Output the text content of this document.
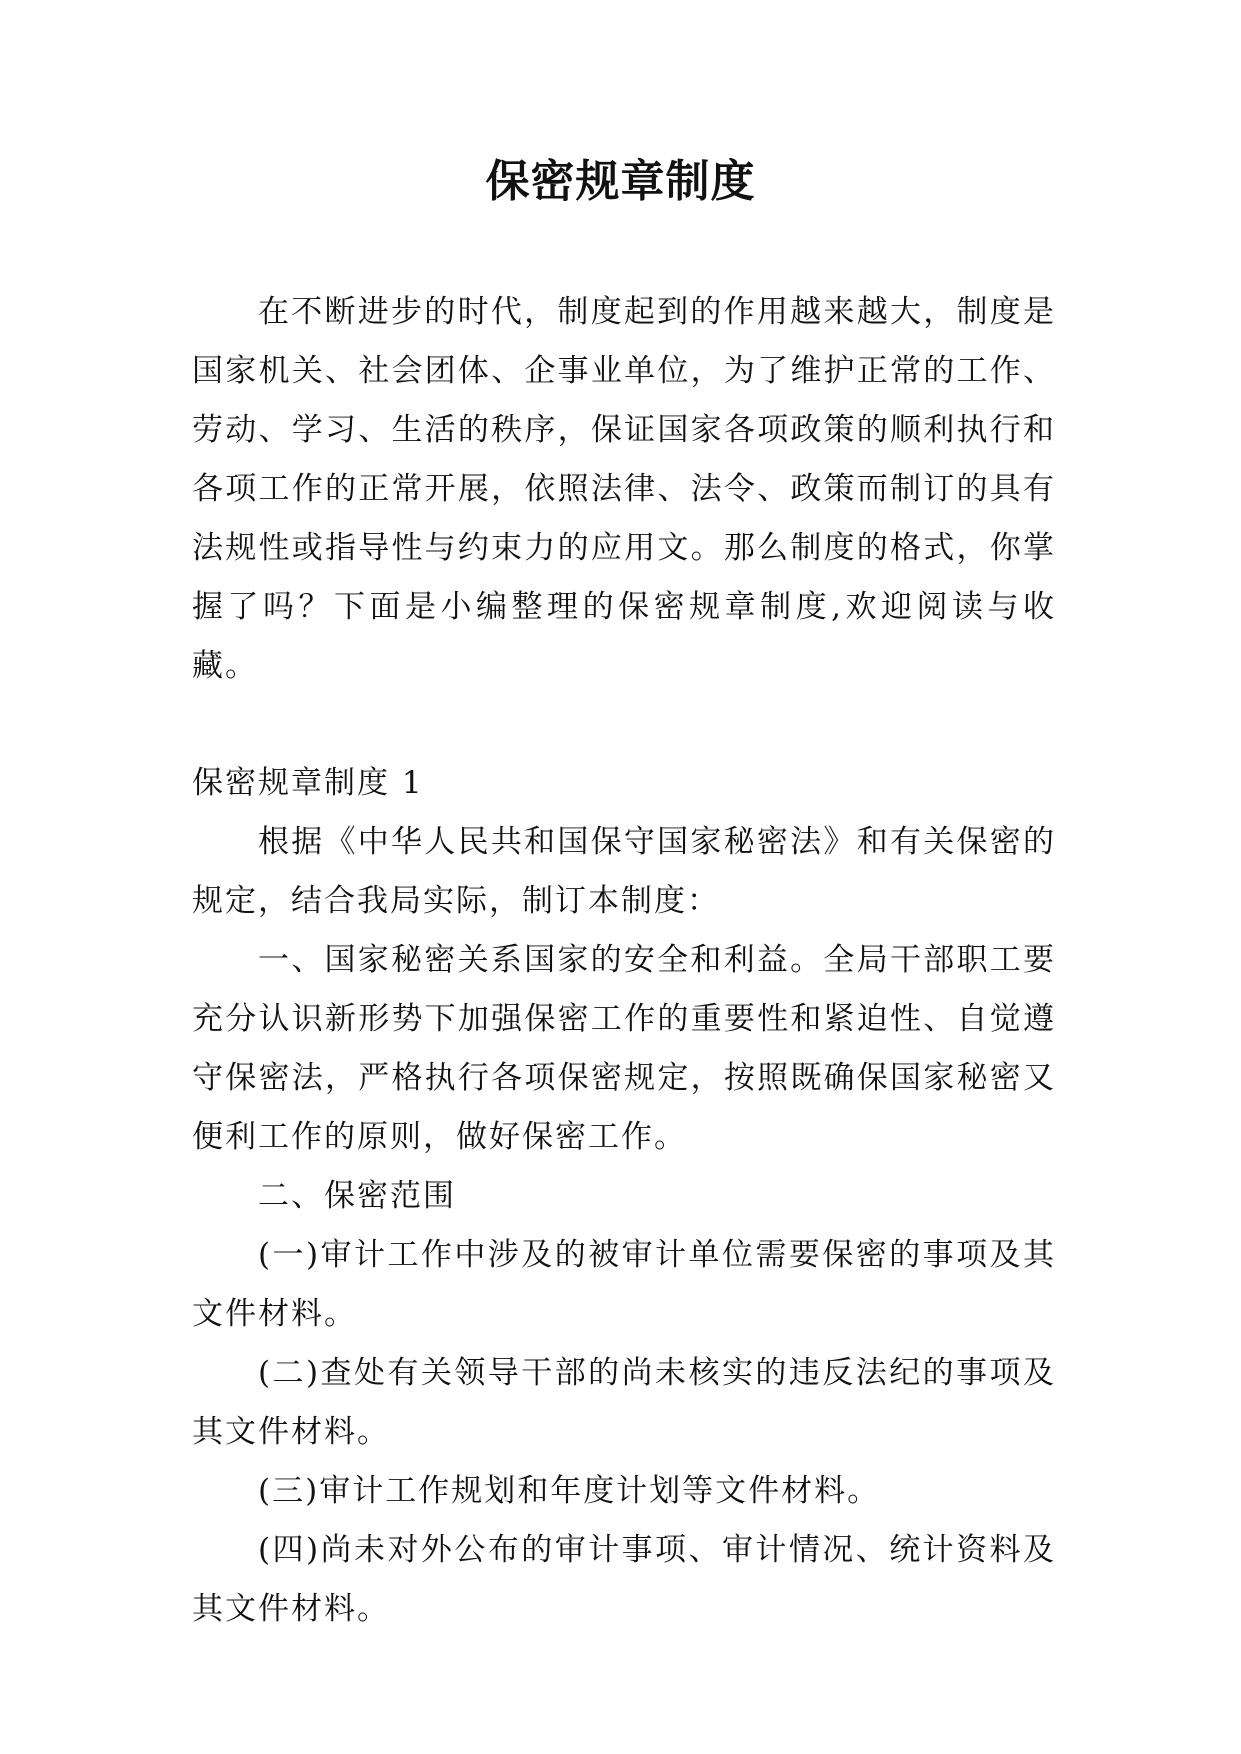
保密规章制度

在不断进步的时代，制度起到的作用越来越大，制度是国家机关、社会团体、企事业单位，为了维护正常的工作、劳动、学习、生活的秩序，保证国家各项政策的顺利执行和各项工作的正常开展，依照法律、法令、政策而制订的具有法规性或指导性与约束力的应用文。那么制度的格式，你掌握了吗？下面是小编整理的保密规章制度,欢迎阅读与收藏。

保密规章制度 1

根据《中华人民共和国保守国家秘密法》和有关保密的规定，结合我局实际，制订本制度：

一、国家秘密关系国家的安全和利益。全局干部职工要充分认识新形势下加强保密工作的重要性和紧迫性、自觉遵守保密法，严格执行各项保密规定，按照既确保国家秘密又便利工作的原则，做好保密工作。

二、保密范围

(一)审计工作中涉及的被审计单位需要保密的事项及其文件材料。

(二)查处有关领导干部的尚未核实的违反法纪的事项及其文件材料。

(三)审计工作规划和年度计划等文件材料。

(四)尚未对外公布的审计事项、审计情况、统计资料及其文件材料。
